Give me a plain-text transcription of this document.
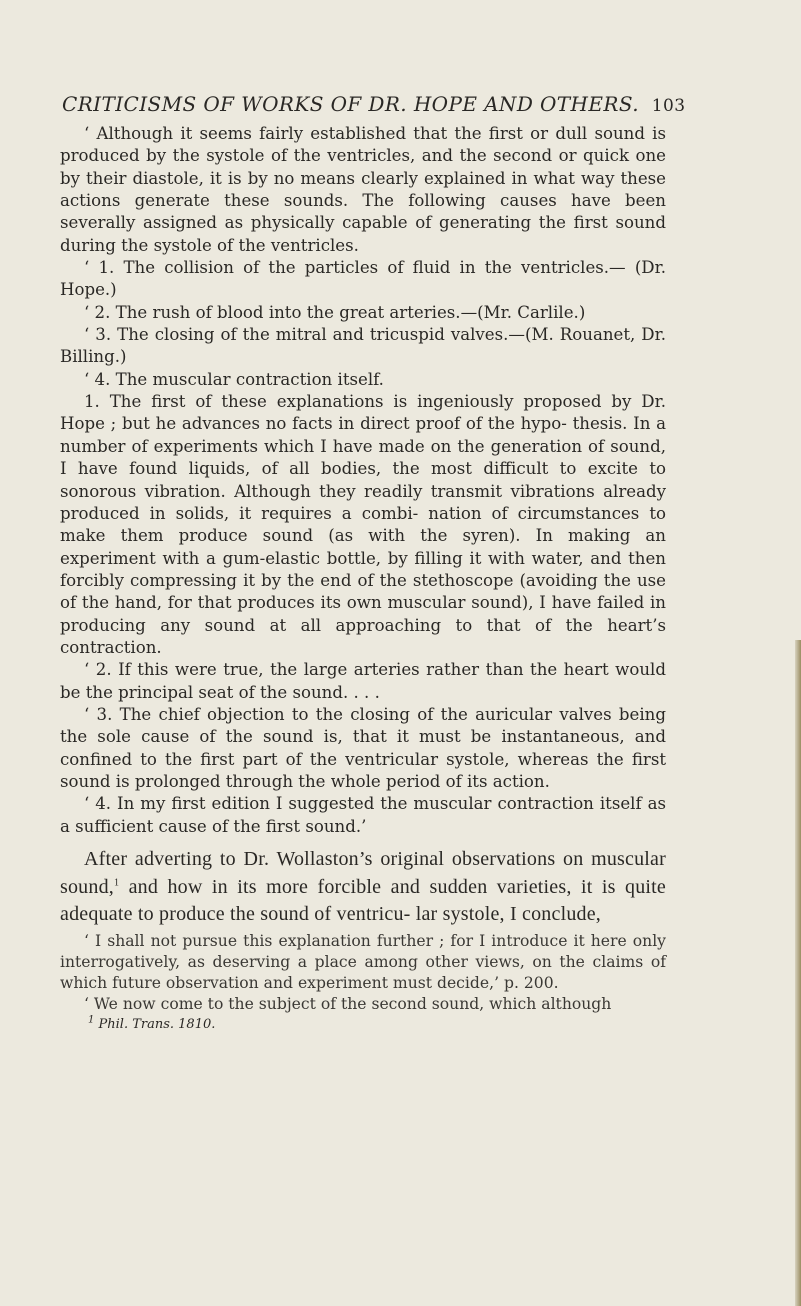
CRITICISMS OF WORKS OF DR. HOPE AND OTHERS. 103

‘ Although it seems fairly established that the first or dull sound is produced by the systole of the ventricles, and the second or quick one by their diastole, it is by no means clearly explained in what way these actions generate these sounds. The following causes have been severally assigned as physically capable of generating the first sound during the systole of the ventricles.

‘ 1. The collision of the particles of fluid in the ventricles.— (Dr. Hope.)

‘ 2. The rush of blood into the great arteries.—(Mr. Carlile.)

‘ 3. The closing of the mitral and tricuspid valves.—(M. Rouanet, Dr. Billing.)

‘ 4. The muscular contraction itself.

1. The first of these explanations is ingeniously proposed by Dr. Hope ; but he advances no facts in direct proof of the hypo- thesis. In a number of experiments which I have made on the generation of sound, I have found liquids, of all bodies, the most difficult to excite to sonorous vibration. Although they readily transmit vibrations already produced in solids, it requires a combi- nation of circumstances to make them produce sound (as with the syren). In making an experiment with a gum-elastic bottle, by filling it with water, and then forcibly compressing it by the end of the stethoscope (avoiding the use of the hand, for that produces its own muscular sound), I have failed in producing any sound at all approaching to that of the heart’s contraction.

‘ 2. If this were true, the large arteries rather than the heart would be the principal seat of the sound. . . .

‘ 3. The chief objection to the closing of the auricular valves being the sole cause of the sound is, that it must be instantaneous, and confined to the first part of the ventricular systole, whereas the first sound is prolonged through the whole period of its action.

‘ 4. In my first edition I suggested the muscular contraction itself as a sufficient cause of the first sound.’

After adverting to Dr. Wollaston’s original observations on muscular sound,$^1$ and how in its more forcible and sudden varieties, it is quite adequate to produce the sound of ventricu- lar systole, I conclude,

‘ I shall not pursue this explanation further ; for I introduce it here only interrogatively, as deserving a place among other views, on the claims of which future observation and experiment must decide,’ p. 200.

‘ We now come to the subject of the second sound, which although

$^1$ Phil. Trans. 1810.
